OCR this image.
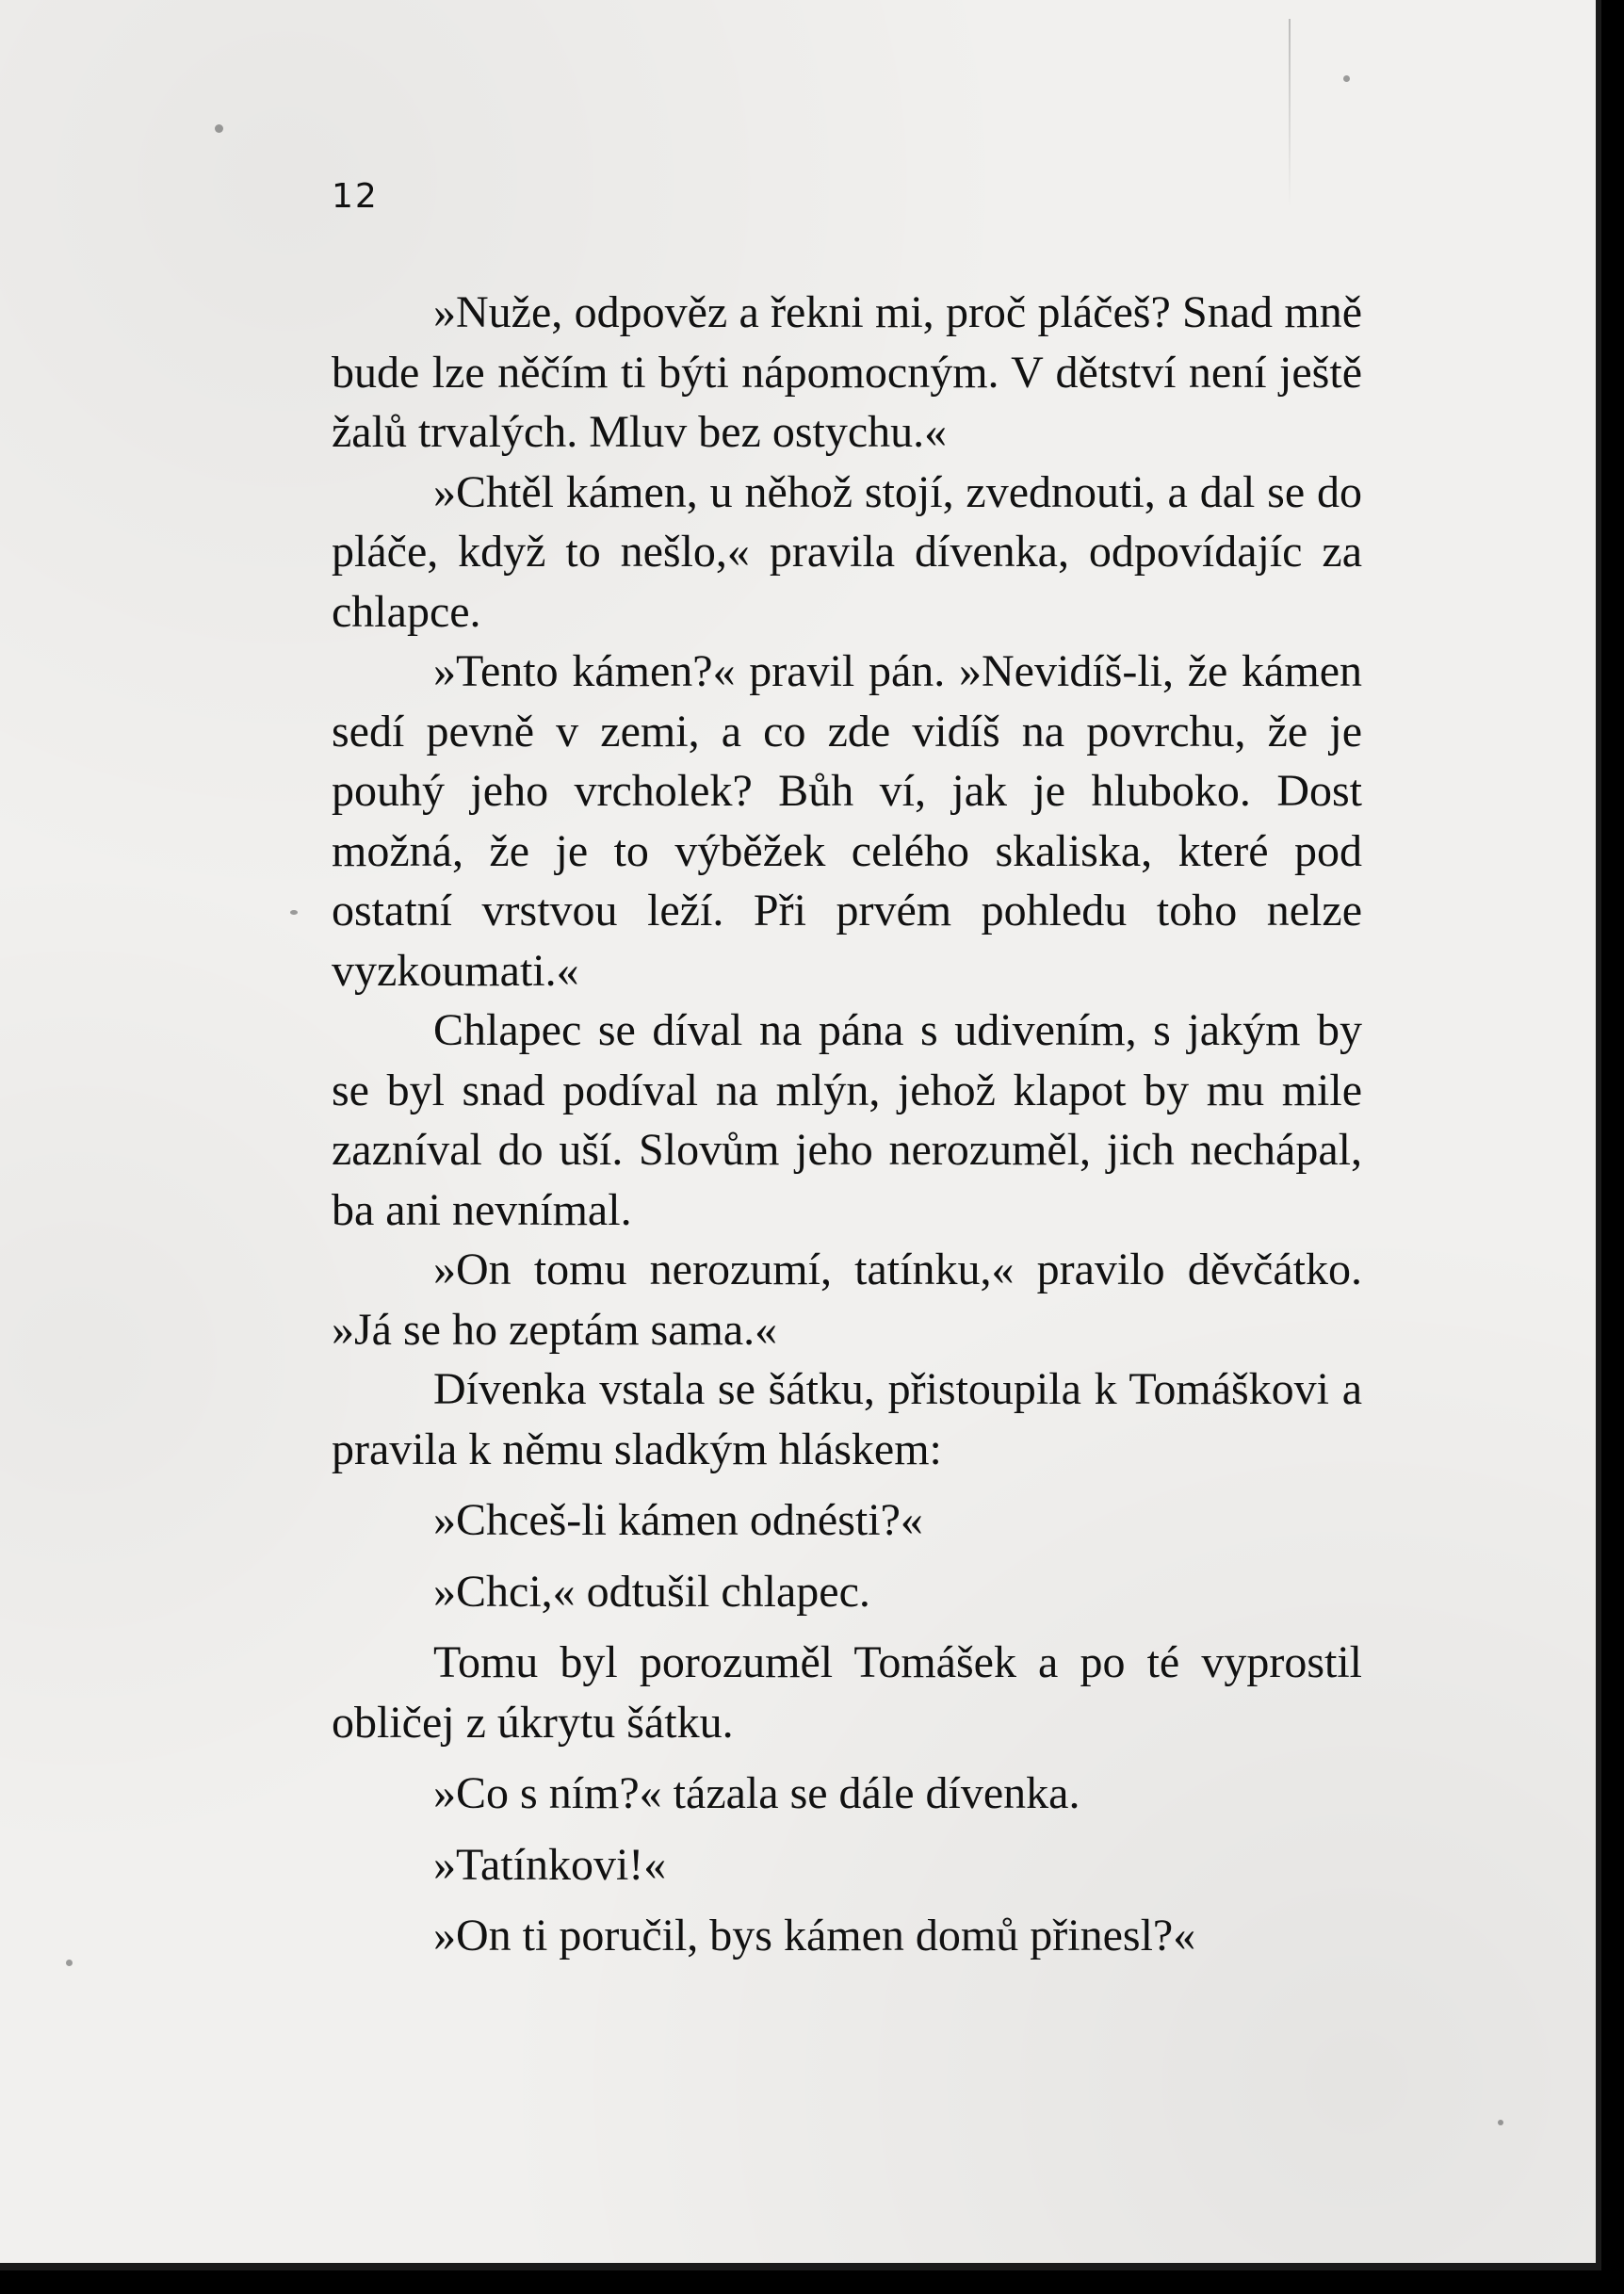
12

»Nuže, odpověz a řekni mi, proč pláčeš? Snad mně bude lze něčím ti býti nápomocným. V dětství není ještě žalů trvalých. Mluv bez ostychu.«

»Chtěl kámen, u něhož stojí, zvednouti, a dal se do pláče, když to nešlo,« pravila dívenka, odpovídajíc za chlapce.

»Tento kámen?« pravil pán. »Nevidíš-li, že kámen sedí pevně v zemi, a co zde vidíš na povrchu, že je pouhý jeho vrcholek? Bůh ví, jak je hluboko. Dost možná, že je to výběžek celého skaliska, které pod ostatní vrstvou leží. Při prvém pohledu toho nelze vyzkoumati.«

Chlapec se díval na pána s udivením, s jakým by se byl snad podíval na mlýn, jehož klapot by mu mile zazníval do uší. Slovům jeho nerozuměl, jich nechápal, ba ani nevnímal.

»On tomu nerozumí, tatínku,« pravilo děvčátko. »Já se ho zeptám sama.«

Dívenka vstala se šátku, přistoupila k Tomáškovi a pravila k němu sladkým hláskem:

»Chceš-li kámen odnésti?«

»Chci,« odtušil chlapec.

Tomu byl porozuměl Tomášek a po té vyprostil obličej z úkrytu šátku.

»Co s ním?« tázala se dále dívenka.

»Tatínkovi!«

»On ti poručil, bys kámen domů přinesl?«
